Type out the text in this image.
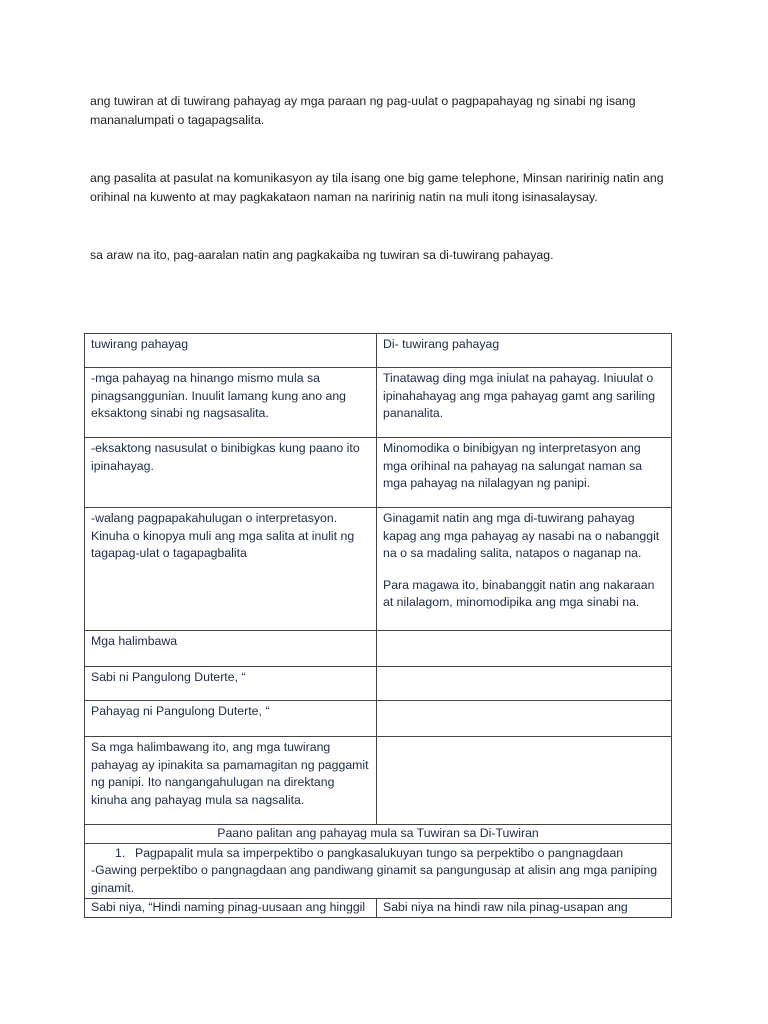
ang tuwiran at di tuwirang pahayag ay mga paraan ng pag-uulat o pagpapahayag ng sinabi ng isang mananalumpati o tagapagsalita.
ang pasalita at pasulat na komunikasyon ay tila isang one big game telephone, Minsan naririnig natin ang orihinal na kuwento at may pagkakataon naman na naririnig natin na muli itong isinasalaysay.
sa araw na ito, pag-aaralan natin ang pagkakaiba ng tuwiran sa di-tuwirang pahayag.
tuwirang pahayag	Di- tuwirang pahayag
-mga pahayag na hinango mismo mula sa pinagsanggunian. Inuulit lamang kung ano ang eksaktong sinabi ng nagsasalita.	Tinatawag ding mga iniulat na pahayag. Iniuulat o ipinahahayag ang mga pahayag gamt ang sariling pananalita.
-eksaktong nasusulat o binibigkas kung paano ito ipinahayag.	Minomodika o binibigyan ng interpretasyon ang mga orihinal na pahayag na salungat naman sa mga pahayag na nilalagyan ng panipi.
-walang pagpapakahulugan o interpretasyon. Kinuha o kinopya muli ang mga salita at inulit ng tagapag-ulat o tagapagbalita	Ginagamit natin ang mga di-tuwirang pahayag kapag ang mga pahayag ay nasabi na o nabanggit na o sa madaling salita, natapos o naganap na.
Para magawa ito, binabanggit natin ang nakaraan at nilalagom, minomodipika ang mga sinabi na.

Mga halimbawa	
Sabi ni Pangulong Duterte, “	
Pahayag ni Pangulong Duterte, “	
Sa mga halimbawang ito, ang mga tuwirang pahayag ay ipinakita sa pamamagitan ng paggamit ng panipi. Ito nangangahulugan na direktang kinuha ang pahayag mula sa nagsalita.	
Paano palitan ang pahayag mula sa Tuwiran sa Di-Tuwiran	

1. Pagpapalit mula sa imperpektibo o pangkasalukuyan tungo sa perpektibo o pangnagdaan
-Gawing perpektibo o pangnagdaan ang pandiwang ginamit sa pangungusap at alisin ang mga paniping ginamit.	

Sabi niya, “Hindi naming pinag-uusaan ang hinggil	Sabi niya na hindi raw nila pinag-usapan ang
